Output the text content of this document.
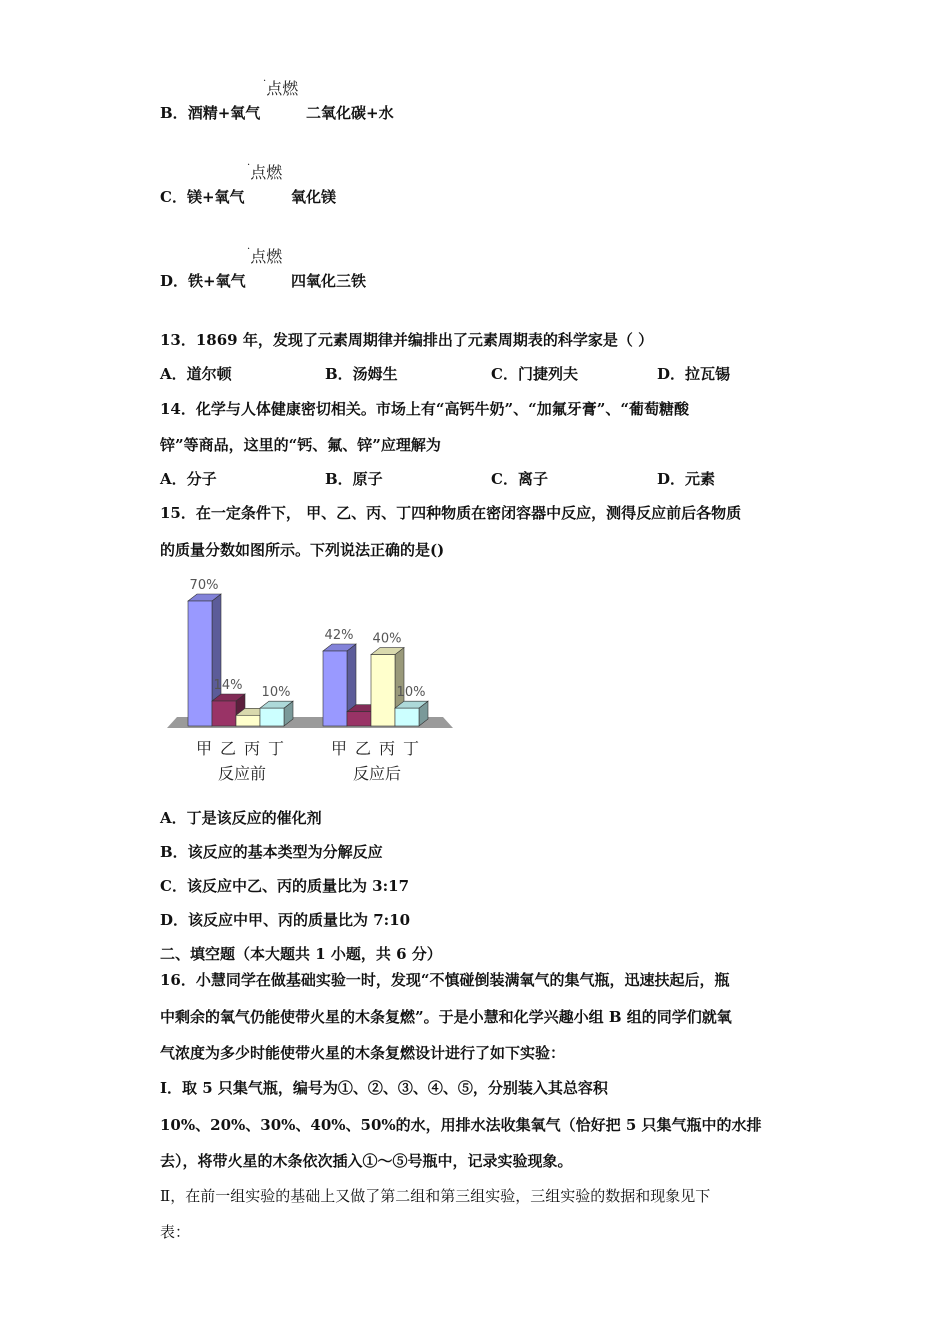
·点燃
B．酒精+氧气	二氧化碳+水
·点燃
C．镁+氧气	氧化镁
·点燃
D．铁+氧气	四氧化三铁
13．1869 年，发现了元素周期律并编排出了元素周期表的科学家是（ ）
A．道尔顿	B．汤姆生	C．门捷列夫	D．拉瓦锡
14．化学与人体健康密切相关。市场上有“高钙牛奶”、“加氟牙膏”、“葡萄糖酸
锌”等商品，这里的“钙、氟、锌”应理解为
A．分子	B．原子	C．离子	D．元素
15．在一定条件下， 甲、乙、丙、丁四种物质在密闭容器中反应，测得反应前后各物质
的质量分数如图所示。下列说法正确的是()
70%
甲
14%
乙 丙
10%
丁
反应前
42%
甲 乙
40%
丙
10%
丁
反应后
A．丁是该反应的催化剂
B．该反应的基本类型为分解反应
C．该反应中乙、丙的质量比为 3:17
D．该反应中甲、丙的质量比为 7:10
二、填空题（本大题共 1 小题，共 6 分）
16．小慧同学在做基础实验一时，发现“不慎碰倒装满氧气的集气瓶，迅速扶起后，瓶
中剩余的氧气仍能使带火星的木条复燃”。于是小慧和化学兴趣小组 B 组的同学们就氧
气浓度为多少时能使带火星的木条复燃设计进行了如下实验：
I．取 5 只集气瓶，编号为①、②、③、④、⑤，分别装入其总容积
10%、20%、30%、40%、50%的水，用排水法收集氧气（恰好把 5 只集气瓶中的水排
去），将带火星的木条依次插入①～⑤号瓶中，记录实验现象。
Ⅱ，在前一组实验的基础上又做了第二组和第三组实验，三组实验的数据和现象见下
表：
